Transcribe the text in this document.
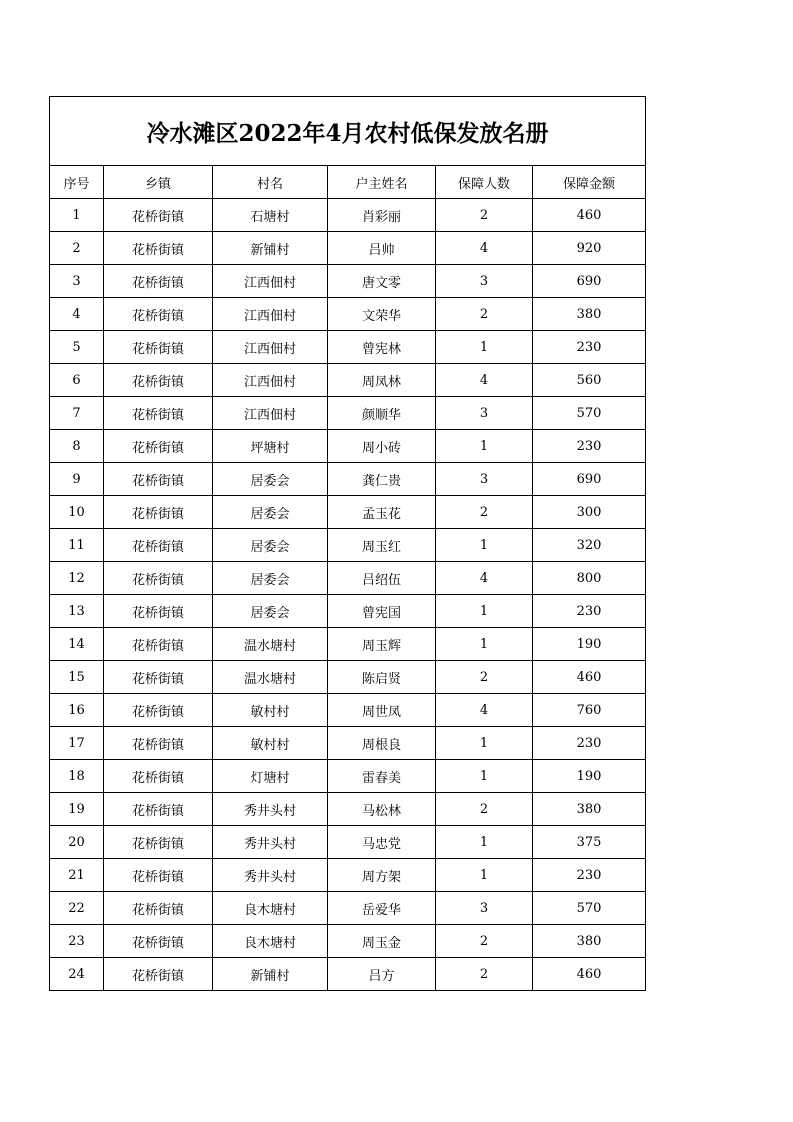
冷水滩区2022年4月农村低保发放名册					
序号	乡镇	村名	户主姓名	保障人数	保障金额
1	花桥街镇	石塘村	肖彩丽	2	460
2	花桥街镇	新铺村	吕帅	4	920
3	花桥街镇	江西佃村	唐文零	3	690
4	花桥街镇	江西佃村	文荣华	2	380
5	花桥街镇	江西佃村	曾宪林	1	230
6	花桥街镇	江西佃村	周凤林	4	560
7	花桥街镇	江西佃村	颜顺华	3	570
8	花桥街镇	坪塘村	周小砖	1	230
9	花桥街镇	居委会	龚仁贵	3	690
10	花桥街镇	居委会	孟玉花	2	300
11	花桥街镇	居委会	周玉红	1	320
12	花桥街镇	居委会	吕绍伍	4	800
13	花桥街镇	居委会	曾宪国	1	230
14	花桥街镇	温水塘村	周玉辉	1	190
15	花桥街镇	温水塘村	陈启贤	2	460
16	花桥街镇	敏村村	周世凤	4	760
17	花桥街镇	敏村村	周根良	1	230
18	花桥街镇	灯塘村	雷春美	1	190
19	花桥街镇	秀井头村	马松林	2	380
20	花桥街镇	秀井头村	马忠党	1	375
21	花桥街镇	秀井头村	周方架	1	230
22	花桥街镇	良木塘村	岳爱华	3	570
23	花桥街镇	良木塘村	周玉金	2	380
24	花桥街镇	新铺村	吕方	2	460
